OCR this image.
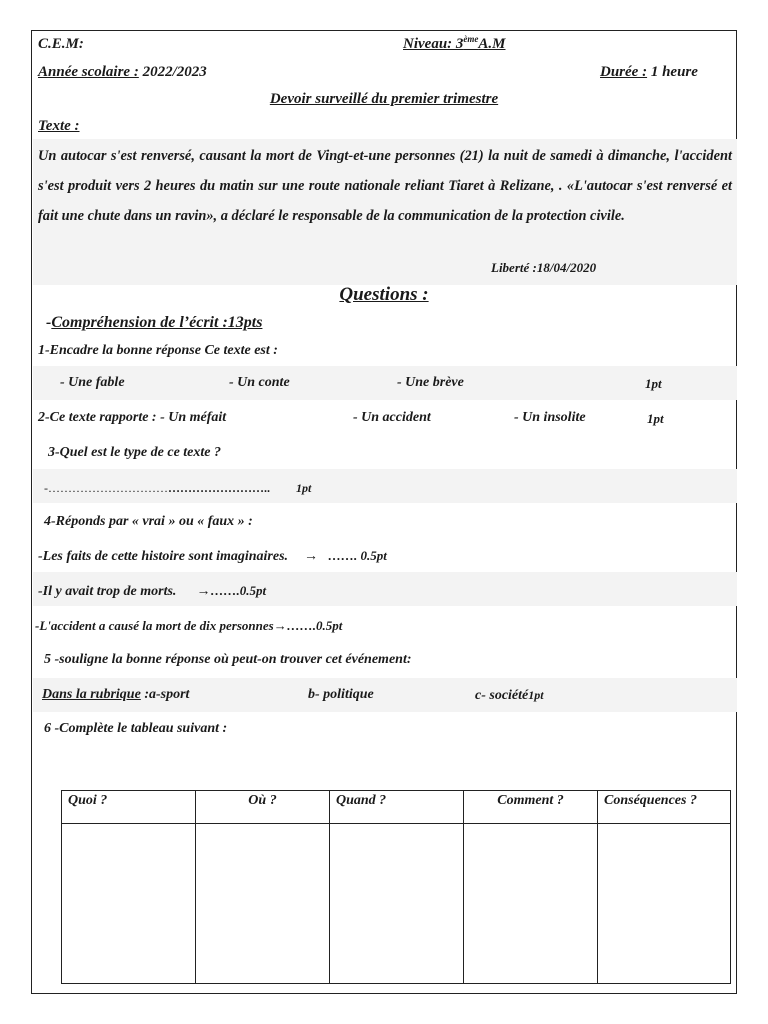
C.E.M:	Niveau: 3èmeA.M
Année scolaire : 2022/2023	Durée : 1 heure
Devoir surveillé du premier trimestre
Texte :
Un autocar s'est renversé, causant la mort de Vingt-et-une personnes (21) la nuit de samedi à dimanche, l'accident s'est produit vers 2 heures du matin sur une route nationale reliant Tiaret à Relizane, . «L'autocar s'est renversé et fait une chute dans un ravin», a déclaré le responsable de la communication de la protection civile.
Liberté :18/04/2020
Questions :
-Compréhension de l’écrit :13pts
1-Encadre la bonne réponse Ce texte est :
- Une fable	- Un conte	- Une brève	1pt
2-Ce texte rapporte : - Un méfait	- Un accident	- Un insolite	1pt
3-Quel est le type de ce texte ?
-……………………………………………….. 1pt
4-Réponds par « vrai » ou « faux » :
-Les faits de cette histoire sont imaginaires. → ……. 0.5pt
-Il y avait trop de morts. →…….0.5pt
-L'accident a causé la mort de dix personnes→…….0.5pt
5 -souligne la bonne réponse où peut-on trouver cet événement:
Dans la rubrique :a-sport	b- politique	c- société1pt
6 -Complète le tableau suivant :
Quoi ?	Où ?	Quand ?	Comment ?	Conséquences ?
